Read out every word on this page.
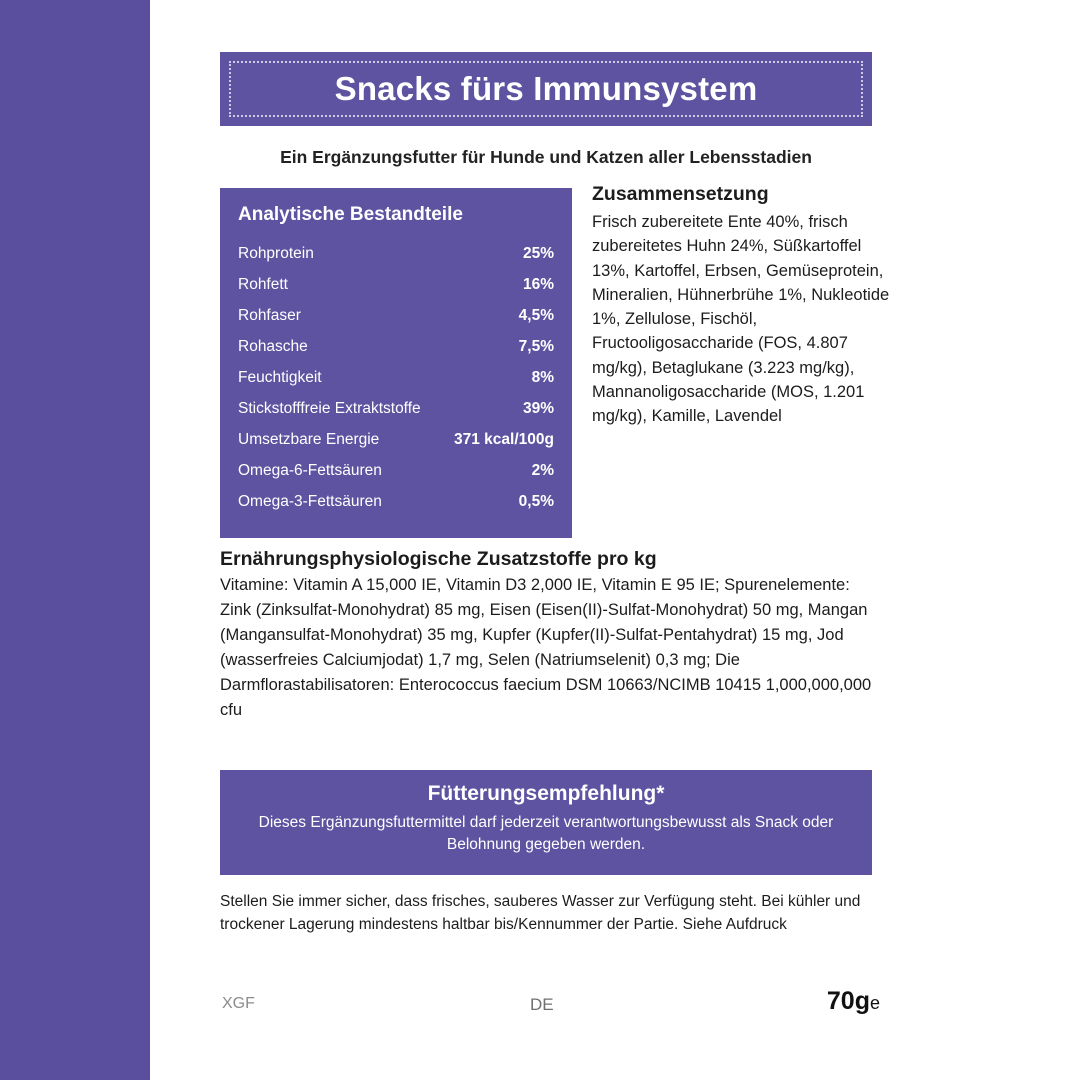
Snacks fürs Immunsystem
Ein Ergänzungsfutter für Hunde und Katzen aller Lebensstadien
Analytische Bestandteile
Rohprotein	25%
Rohfett	16%
Rohfaser	4,5%
Rohasche	7,5%
Feuchtigkeit	8%
Stickstofffreie Extraktstoffe	39%
Umsetzbare Energie	371 kcal/100g
Omega-6-Fettsäuren	2%
Omega-3-Fettsäuren	0,5%
Zusammensetzung

Frisch zubereitete Ente 40%, frisch zubereitetes Huhn 24%, Süßkartoffel 13%, Kartoffel, Erbsen, Gemüseprotein, Mineralien, Hühnerbrühe 1%, Nukleotide 1%, Zellulose, Fischöl, Fructooligosaccharide (FOS, 4.807 mg/kg), Betaglukane (3.223 mg/kg), Mannanoligosaccharide (MOS, 1.201 mg/kg), Kamille, Lavendel

Ernährungsphysiologische Zusatzstoffe pro kg

Vitamine: Vitamin A 15,000 IE, Vitamin D3 2,000 IE, Vitamin E 95 IE; Spurenelemente: Zink (Zinksulfat-Monohydrat) 85 mg, Eisen (Eisen(II)-Sulfat-Monohydrat) 50 mg, Mangan (Mangansulfat-Monohydrat) 35 mg, Kupfer (Kupfer(II)-Sulfat-Pentahydrat) 15 mg, Jod (wasserfreies Calciumjodat) 1,7 mg, Selen (Natriumselenit) 0,3 mg; Die Darmflorastabilisatoren: Enterococcus faecium DSM 10663/NCIMB 10415 1,000,000,000 cfu

Fütterungsempfehlung*

Dieses Ergänzungsfuttermittel darf jederzeit verantwortungsbewusst als Snack oder Belohnung gegeben werden.

Stellen Sie immer sicher, dass frisches, sauberes Wasser zur Verfügung steht. Bei kühler und trockener Lagerung mindestens haltbar bis/Kennummer der Partie. Siehe Aufdruck
XGF	DE	70ge
